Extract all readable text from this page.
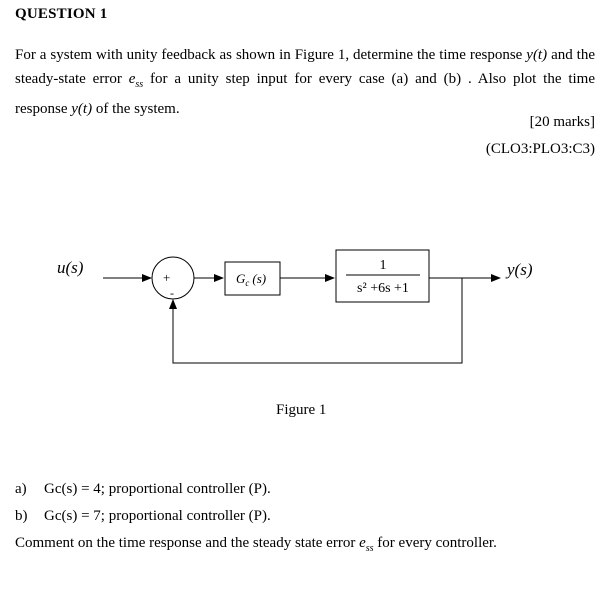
QUESTION 1
For a system with unity feedback as shown in Figure 1, determine the time response y(t) and the steady-state error $e_{ss}$ for a unity step input for every case (a) and (b) . Also plot the time response y(t) of the system.
[20 marks]
(CLO3:PLO3:C3)
u(s)
+
-
$G_c$ (s)
1
s² +6s +1
y(s)
Figure 1
a) Gc(s) = 4; proportional controller (P).
b) Gc(s) = 7; proportional controller (P).
Comment on the time response and the steady state error $e_{ss}$ for every controller.
